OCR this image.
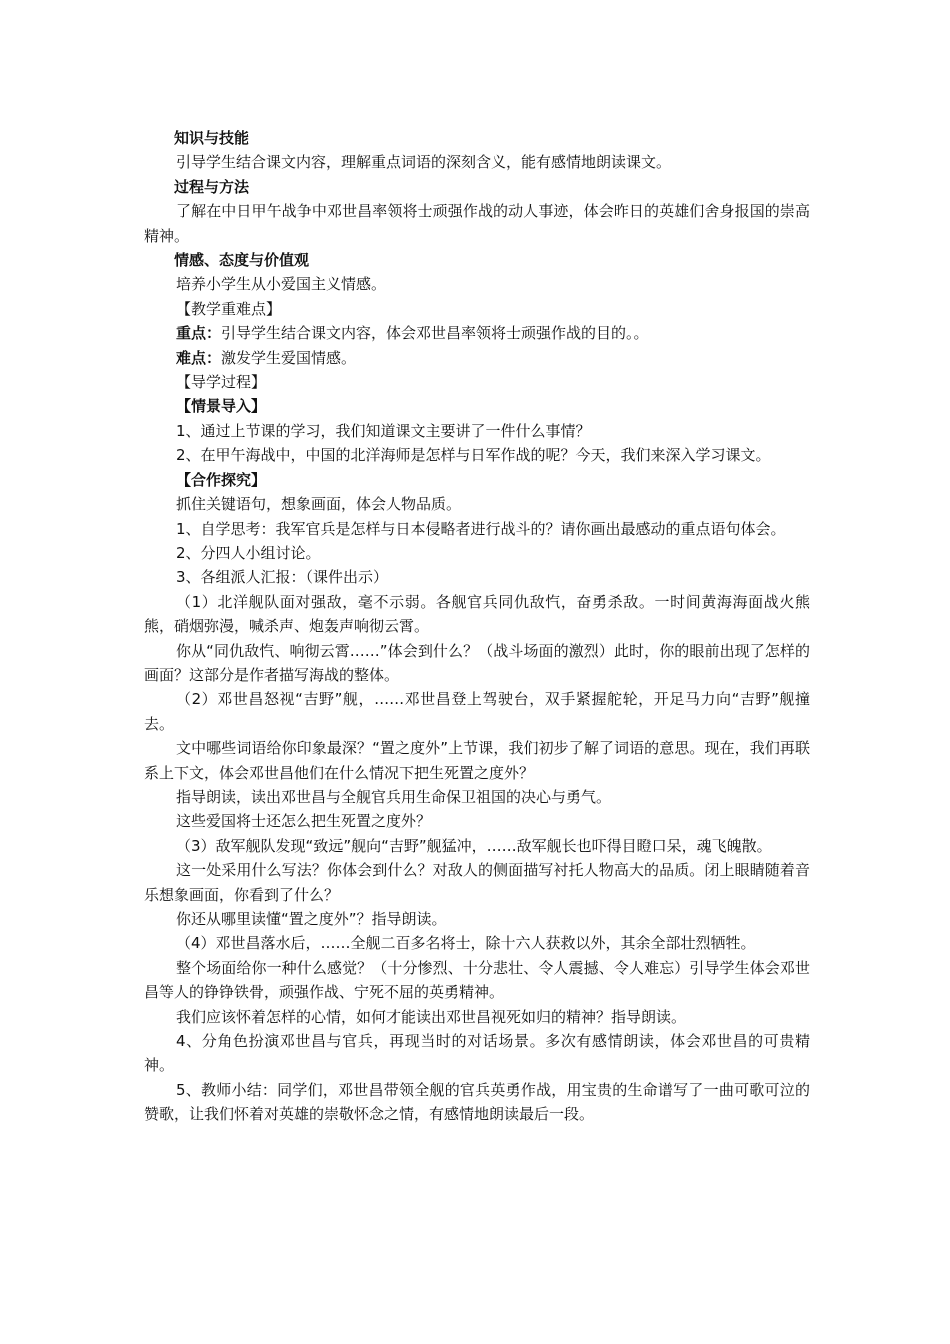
知识与技能

引导学生结合课文内容，理解重点词语的深刻含义，能有感情地朗读课文。

过程与方法

了解在中日甲午战争中邓世昌率领将士顽强作战的动人事迹，体会昨日的英雄们舍身报国的崇高精神。

情感、态度与价值观

培养小学生从小爱国主义情感。

【教学重难点】

重点：引导学生结合课文内容，体会邓世昌率领将士顽强作战的目的。。

难点：激发学生爱国情感。

【导学过程】

【情景导入】

1、通过上节课的学习，我们知道课文主要讲了一件什么事情？

2、在甲午海战中，中国的北洋海师是怎样与日军作战的呢？今天，我们来深入学习课文。

【合作探究】

抓住关键语句，想象画面，体会人物品质。

1、自学思考：我军官兵是怎样与日本侵略者进行战斗的？请你画出最感动的重点语句体会。

2、分四人小组讨论。

3、各组派人汇报：（课件出示）

（1）北洋舰队面对强敌，毫不示弱。各舰官兵同仇敌忾，奋勇杀敌。一时间黄海海面战火熊熊，硝烟弥漫，喊杀声、炮轰声响彻云霄。

你从“同仇敌忾、响彻云霄……”体会到什么？（战斗场面的激烈）此时，你的眼前出现了怎样的画面？这部分是作者描写海战的整体。

（2）邓世昌怒视“吉野”舰，……邓世昌登上驾驶台，双手紧握舵轮，开足马力向“吉野”舰撞去。

文中哪些词语给你印象最深？“置之度外”上节课，我们初步了解了词语的意思。现在，我们再联系上下文，体会邓世昌他们在什么情况下把生死置之度外？

指导朗读，读出邓世昌与全舰官兵用生命保卫祖国的决心与勇气。

这些爱国将士还怎么把生死置之度外？

（3）敌军舰队发现“致远”舰向“吉野”舰猛冲，……敌军舰长也吓得目瞪口呆，魂飞魄散。

这一处采用什么写法？你体会到什么？对敌人的侧面描写衬托人物高大的品质。闭上眼睛随着音乐想象画面，你看到了什么？

你还从哪里读懂“置之度外”？指导朗读。

（4）邓世昌落水后，……全舰二百多名将士，除十六人获救以外，其余全部壮烈牺牲。

整个场面给你一种什么感觉？（十分惨烈、十分悲壮、令人震撼、令人难忘）引导学生体会邓世昌等人的铮铮铁骨，顽强作战、宁死不屈的英勇精神。

我们应该怀着怎样的心情，如何才能读出邓世昌视死如归的精神？指导朗读。

4、分角色扮演邓世昌与官兵，再现当时的对话场景。多次有感情朗读，体会邓世昌的可贵精神。

5、教师小结：同学们，邓世昌带领全舰的官兵英勇作战，用宝贵的生命谱写了一曲可歌可泣的赞歌，让我们怀着对英雄的崇敬怀念之情，有感情地朗读最后一段。
